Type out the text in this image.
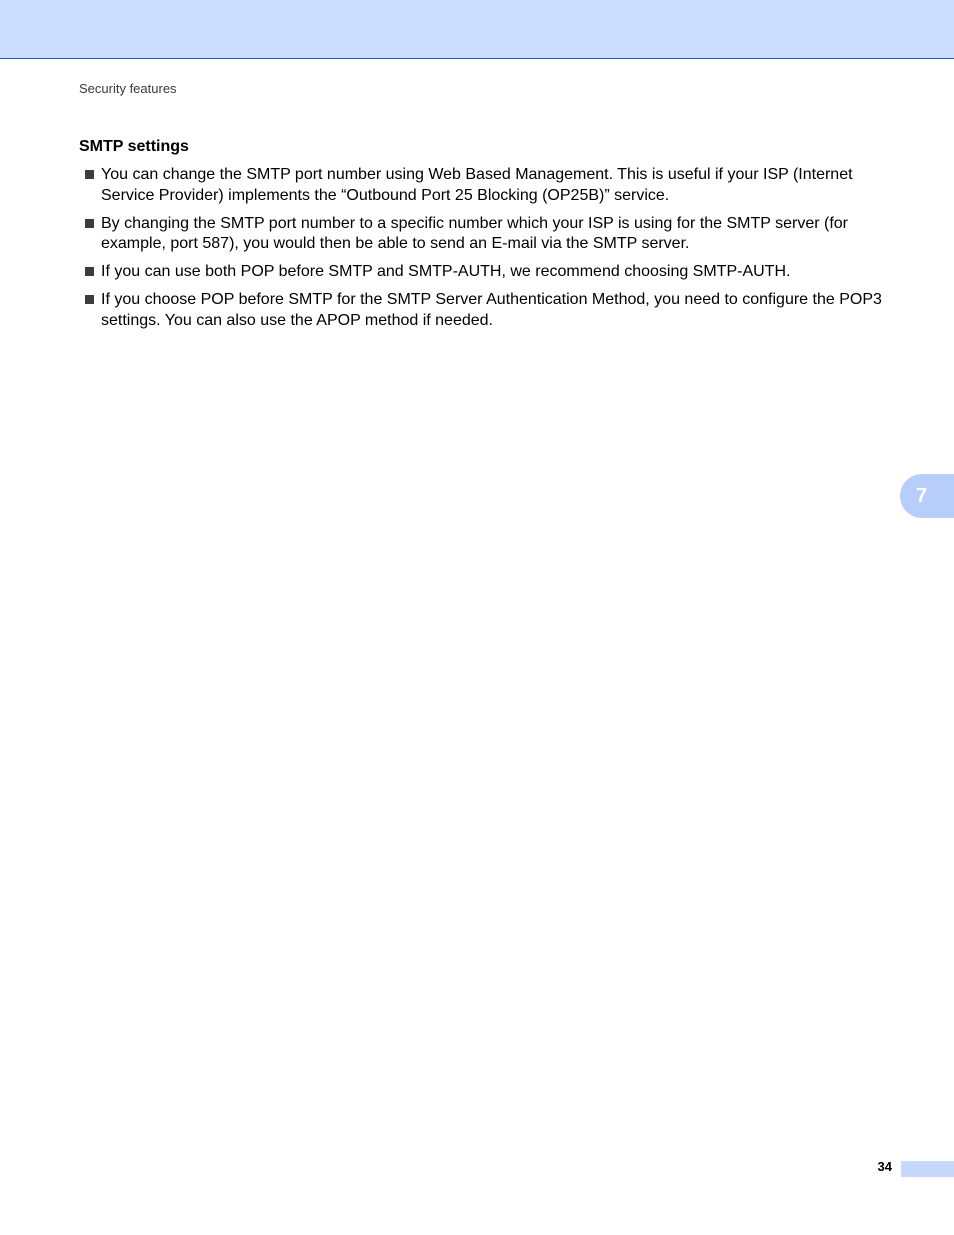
Security features
SMTP settings
You can change the SMTP port number using Web Based Management. This is useful if your ISP (Internet Service Provider) implements the “Outbound Port 25 Blocking (OP25B)” service.
By changing the SMTP port number to a specific number which your ISP is using for the SMTP server (for example, port 587), you would then be able to send an E-mail via the SMTP server.
If you can use both POP before SMTP and SMTP-AUTH, we recommend choosing SMTP-AUTH.
If you choose POP before SMTP for the SMTP Server Authentication Method, you need to configure the POP3 settings. You can also use the APOP method if needed.
7
34
